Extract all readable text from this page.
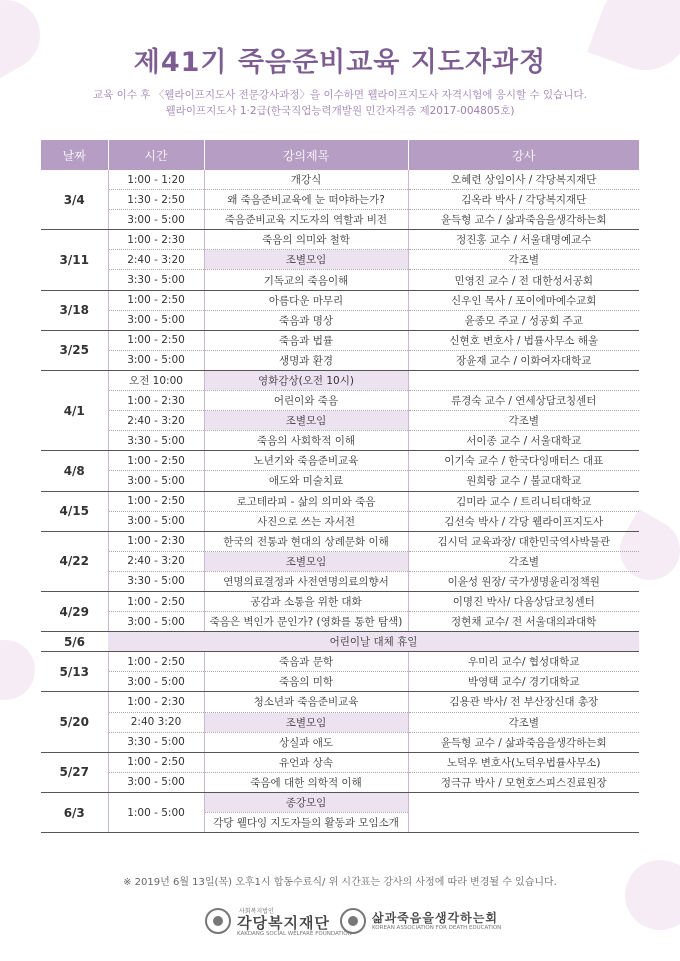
제41기 죽음준비교육 지도자과정
교육 이수 후 〈웰라이프지도사 전문강사과정〉을 이수하면 웰라이프지도사 자격시험에 응시할 수 있습니다.
웰라이프지도사 1·2급(한국직업능력개발원 민간자격증 제2017-004805호)
날짜	시간	강의제목	강사
3/4	1:00 - 1:20	개강식	오혜련 상임이사 / 각당복지재단
	1:30 - 2:50	왜 죽음준비교육에 눈 떠야하는가?	김옥라 박사 / 각당복지재단
	3:00 - 5:00	죽음준비교육 지도자의 역할과 비전	윤득형 교수 / 삶과죽음을생각하는회
3/11	1:00 - 2:30	죽음의 의미와 철학	정진홍 교수 / 서울대명예교수
	2:40 - 3:20	조별모임	각조별
	3:30 - 5:00	기독교의 죽음이해	민영진 교수 / 전 대한성서공회
3/18	1:00 - 2:50	아름다운 마무리	신우인 목사 / 포이에마예수교회
	3:00 - 5:00	죽음과 명상	윤종모 주교 / 성공회 주교
3/25	1:00 - 2:50	죽음과 법률	신현호 변호사 / 법률사무소 해울
	3:00 - 5:00	생명과 환경	장윤재 교수 / 이화여자대학교
4/1	오전 10:00	영화감상(오전 10시)	
	1:00 - 2:30	어린이와 죽음	류경숙 교수 / 연세상담코칭센터
	2:40 - 3:20	조별모임	각조별
	3:30 - 5:00	죽음의 사회학적 이해	서이종 교수 / 서울대학교
4/8	1:00 - 2:50	노년기와 죽음준비교육	이기숙 교수 / 한국다잉매터스 대표
	3:00 - 5:00	애도와 미술치료	원희랑 교수 / 불교대학교
4/15	1:00 - 2:50	로고테라피 - 삶의 의미와 죽음	김미라 교수 / 트리니티대학교
	3:00 - 5:00	사진으로 쓰는 자서전	김선숙 박사 / 각당 웰라이프지도사
4/22	1:00 - 2:30	한국의 전통과 현대의 상례문화 이해	김시덕 교육과장/ 대한민국역사박물관
	2:40 - 3:20	조별모임	각조별
	3:30 - 5:00	연명의료결정과 사전연명의료의향서	이윤성 원장/ 국가생명윤리정책원
4/29	1:00 - 2:50	공감과 소통을 위한 대화	이명진 박사/ 다움상담코칭센터
	3:00 - 5:00	죽음은 벽인가 문인가? (영화를 통한 탐색)	정현채 교수/ 전 서울대의과대학
5/6	어린이날 대체 휴일		
5/13	1:00 - 2:50	죽음과 문학	우미리 교수/ 협성대학교
	3:00 - 5:00	죽음의 미학	박영택 교수/ 경기대학교
5/20	1:00 - 2:30	청소년과 죽음준비교육	김용관 박사/ 전 부산장신대 총장
	2:40 3:20	조별모임	각조별
	3:30 - 5:00	상실과 애도	윤득형 교수 / 삶과죽음을생각하는회
5/27	1:00 - 2:50	유언과 상속	노덕우 변호사(노덕우법률사무소)
	3:00 - 5:00	죽음에 대한 의학적 이해	정극규 박사 / 모현호스피스진료원장
6/3	1:00 - 5:00	종강모임	
		각당 웰다잉 지도자들의 활동과 모임소개	
※ 2019년 6월 13일(목) 오후1시 합동수료식/ 위 시간표는 강사의 사정에 따라 변경될 수 있습니다.
사회복지법인
각당복지재단
KAKDANG SOCIAL WELFARE FOUNDATION
삶과죽음을생각하는회
KOREAN ASSOCIATION FOR DEATH EDUCATION
